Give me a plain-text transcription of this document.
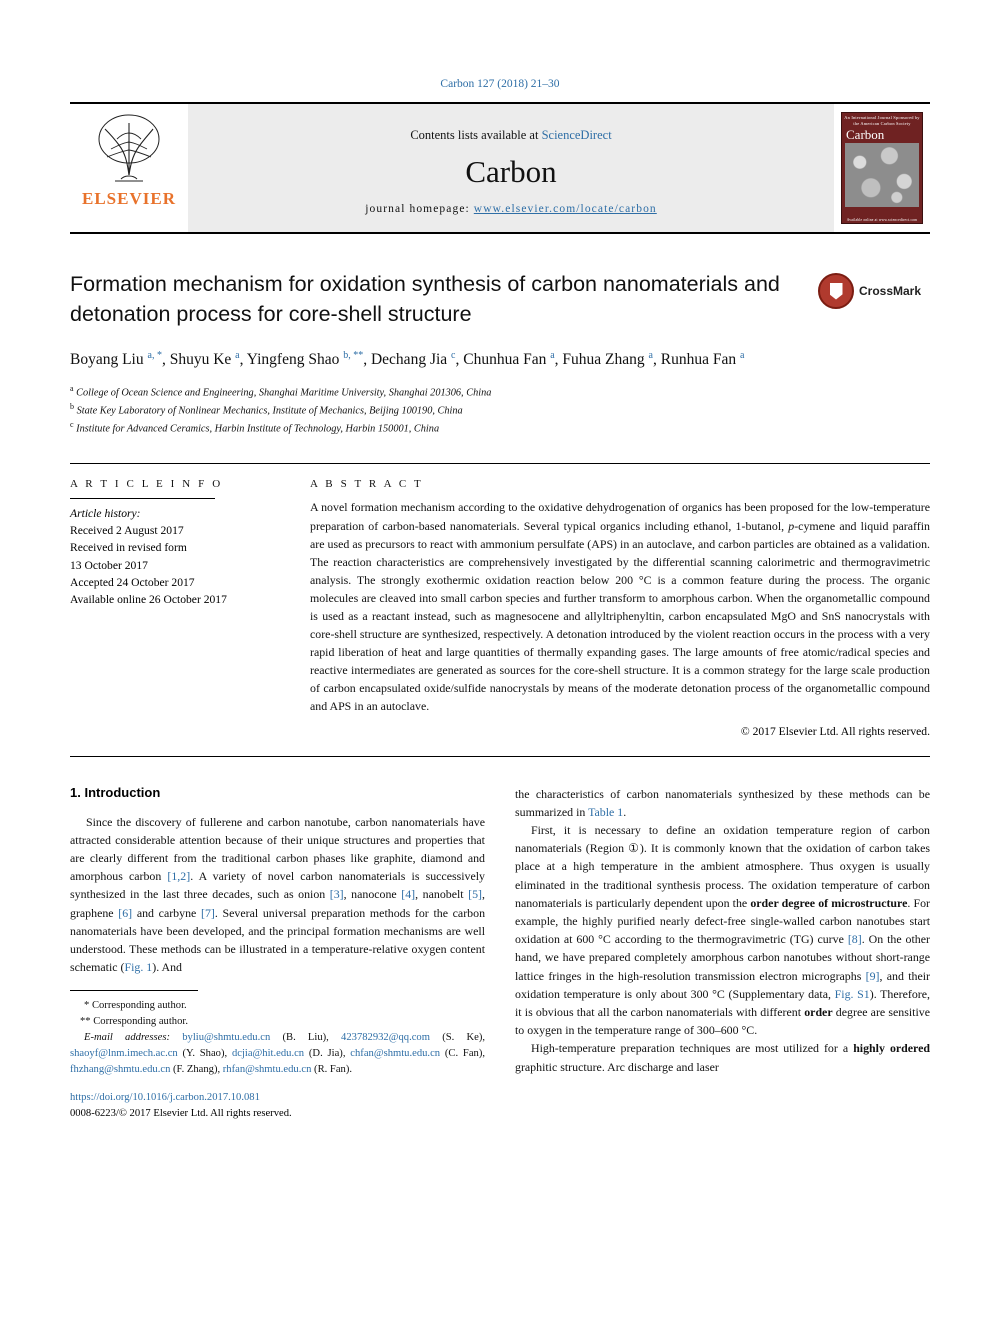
Carbon 127 (2018) 21–30
ELSEVIER
Contents lists available at ScienceDirect
Carbon
journal homepage: www.elsevier.com/locate/carbon
An International Journal Sponsored by the American Carbon Society
Carbon
Available online at www.sciencedirect.com
Formation mechanism for oxidation synthesis of carbon nanomaterials and detonation process for core-shell structure
CrossMark
Boyang Liu $^{a, *}$, Shuyu Ke $^a$, Yingfeng Shao $^{b, **}$, Dechang Jia $^c$, Chunhua Fan $^a$, Fuhua Zhang $^a$, Runhua Fan $^a$
$^a$ College of Ocean Science and Engineering, Shanghai Maritime University, Shanghai 201306, China
$^b$ State Key Laboratory of Nonlinear Mechanics, Institute of Mechanics, Beijing 100190, China
$^c$ Institute for Advanced Ceramics, Harbin Institute of Technology, Harbin 150001, China
A R T I C L E I N F O
Article history:
Received 2 August 2017
Received in revised form
13 October 2017
Accepted 24 October 2017
Available online 26 October 2017
A B S T R A C T
A novel formation mechanism according to the oxidative dehydrogenation of organics has been proposed for the low-temperature preparation of carbon-based nanomaterials. Several typical organics including ethanol, 1-butanol, p-cymene and liquid paraffin are used as precursors to react with ammonium persulfate (APS) in an autoclave, and carbon particles are obtained as a validation. The reaction characteristics are comprehensively investigated by the differential scanning calorimetric and thermogravimetric analysis. The strongly exothermic oxidation reaction below 200 °C is a common feature during the process. The organic molecules are cleaved into small carbon species and further transform to amorphous carbon. When the organometallic compound is used as a reactant instead, such as magnesocene and allyltriphenyltin, carbon encapsulated MgO and SnS nanocrystals with core-shell structure are synthesized, respectively. A detonation introduced by the violent reaction occurs in the process with a very rapid liberation of heat and large quantities of thermally expanding gases. The large amounts of free atomic/radical species and reactive intermediates are generated as sources for the core-shell structure. It is a common strategy for the large scale production of carbon encapsulated oxide/sulfide nanocrystals by means of the moderate detonation process of the organometallic compound and APS in an autoclave.
© 2017 Elsevier Ltd. All rights reserved.
1. Introduction

Since the discovery of fullerene and carbon nanotube, carbon nanomaterials have attracted considerable attention because of their unique structures and properties that are clearly different from the traditional carbon phases like graphite, diamond and amorphous carbon [1,2]. A variety of novel carbon nanomaterials is successively synthesized in the last three decades, such as onion [3], nanocone [4], nanobelt [5], graphene [6] and carbyne [7]. Several universal preparation methods for the carbon nanomaterials have been developed, and the principal formation mechanisms are well understood. These methods can be illustrated in a temperature-relative oxygen content schematic (Fig. 1). And

* Corresponding author.
** Corresponding author.
E-mail addresses: byliu@shmtu.edu.cn (B. Liu), 423782932@qq.com (S. Ke), shaoyf@lnm.imech.ac.cn (Y. Shao), dcjia@hit.edu.cn (D. Jia), chfan@shmtu.edu.cn (C. Fan), fhzhang@shmtu.edu.cn (F. Zhang), rhfan@shmtu.edu.cn (R. Fan).
https://doi.org/10.1016/j.carbon.2017.10.081
0008-6223/© 2017 Elsevier Ltd. All rights reserved.

the characteristics of carbon nanomaterials synthesized by these methods can be summarized in Table 1.

First, it is necessary to define an oxidation temperature region of carbon nanomaterials (Region ①). It is commonly known that the oxidation of carbon takes place at a high temperature in the ambient atmosphere. Thus oxygen is usually eliminated in the traditional synthesis process. The oxidation temperature of carbon nanomaterials is particularly dependent upon the order degree of microstructure. For example, the highly purified nearly defect-free single-walled carbon nanotubes start oxidation at 600 °C according to the thermogravimetric (TG) curve [8]. On the other hand, we have prepared completely amorphous carbon nanotubes without short-range lattice fringes in the high-resolution transmission electron micrographs [9], and their oxidation temperature is only about 300 °C (Supplementary data, Fig. S1). Therefore, it is obvious that all the carbon nanomaterials with different order degree are sensitive to oxygen in the temperature range of 300–600 °C.

High-temperature preparation techniques are most utilized for a highly ordered graphitic structure. Arc discharge and laser
